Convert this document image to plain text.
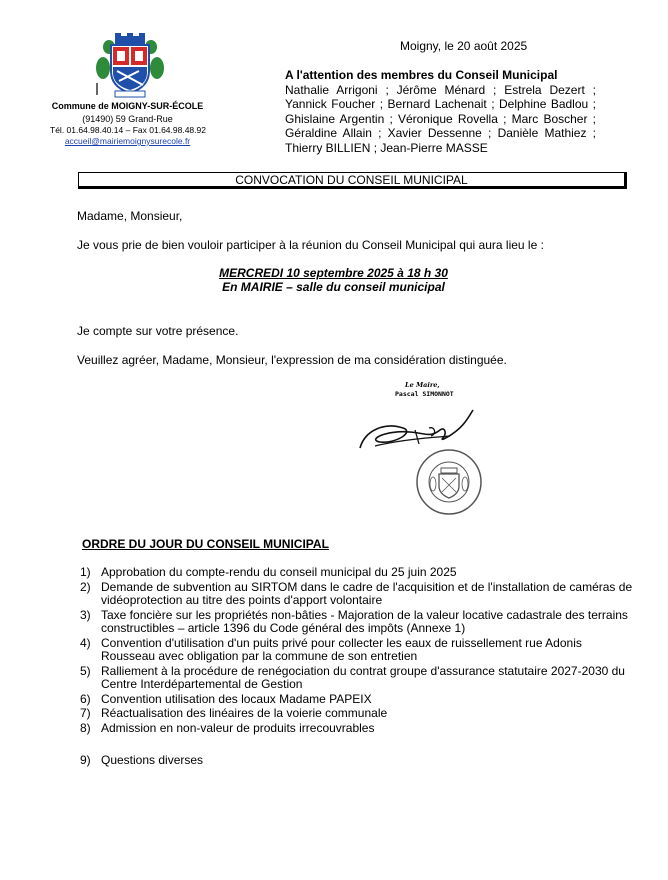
Commune de MOIGNY-SUR-ÉCOLE
(91490) 59 Grand-Rue
Tél. 01.64.98.40.14 – Fax 01.64.98.48.92
accueil@mairiemoignysurecole.fr
Moigny, le 20 août 2025
A l'attention des membres du Conseil Municipal
Nathalie Arrigoni ; Jérôme Ménard ; Estrela Dezert ; Yannick Foucher ; Bernard Lachenait ; Delphine Badlou ; Ghislaine Argentin ; Véronique Rovella ; Marc Boscher ; Géraldine Allain ; Xavier Dessenne ; Danièle Mathiez ; Thierry BILLIEN ; Jean-Pierre MASSE
CONVOCATION DU CONSEIL MUNICIPAL
Madame, Monsieur,
Je vous prie de bien vouloir participer à la réunion du Conseil Municipal qui aura lieu le :
MERCREDI 10 septembre 2025 à 18 h 30
En MAIRIE – salle du conseil municipal
Je compte sur votre présence.
Veuillez agréer, Madame, Monsieur, l'expression de ma considération distinguée.
Le Maire,
Pascal SIMONNOT
ORDRE DU JOUR DU CONSEIL MUNICIPAL
1) Approbation du compte-rendu du conseil municipal du 25 juin 2025
2) Demande de subvention au SIRTOM dans le cadre de l'acquisition et de l'installation de caméras de vidéoprotection au titre des points d'apport volontaire
3) Taxe foncière sur les propriétés non-bâties - Majoration de la valeur locative cadastrale des terrains constructibles – article 1396 du Code général des impôts (Annexe 1)
4) Convention d'utilisation d'un puits privé pour collecter les eaux de ruissellement rue Adonis Rousseau avec obligation par la commune de son entretien
5) Ralliement à la procédure de renégociation du contrat groupe d'assurance statutaire 2027-2030 du Centre Interdépartemental de Gestion
6) Convention utilisation des locaux Madame PAPEIX
7) Réactualisation des linéaires de la voierie communale
8) Admission en non-valeur de produits irrecouvrables
9) Questions diverses
